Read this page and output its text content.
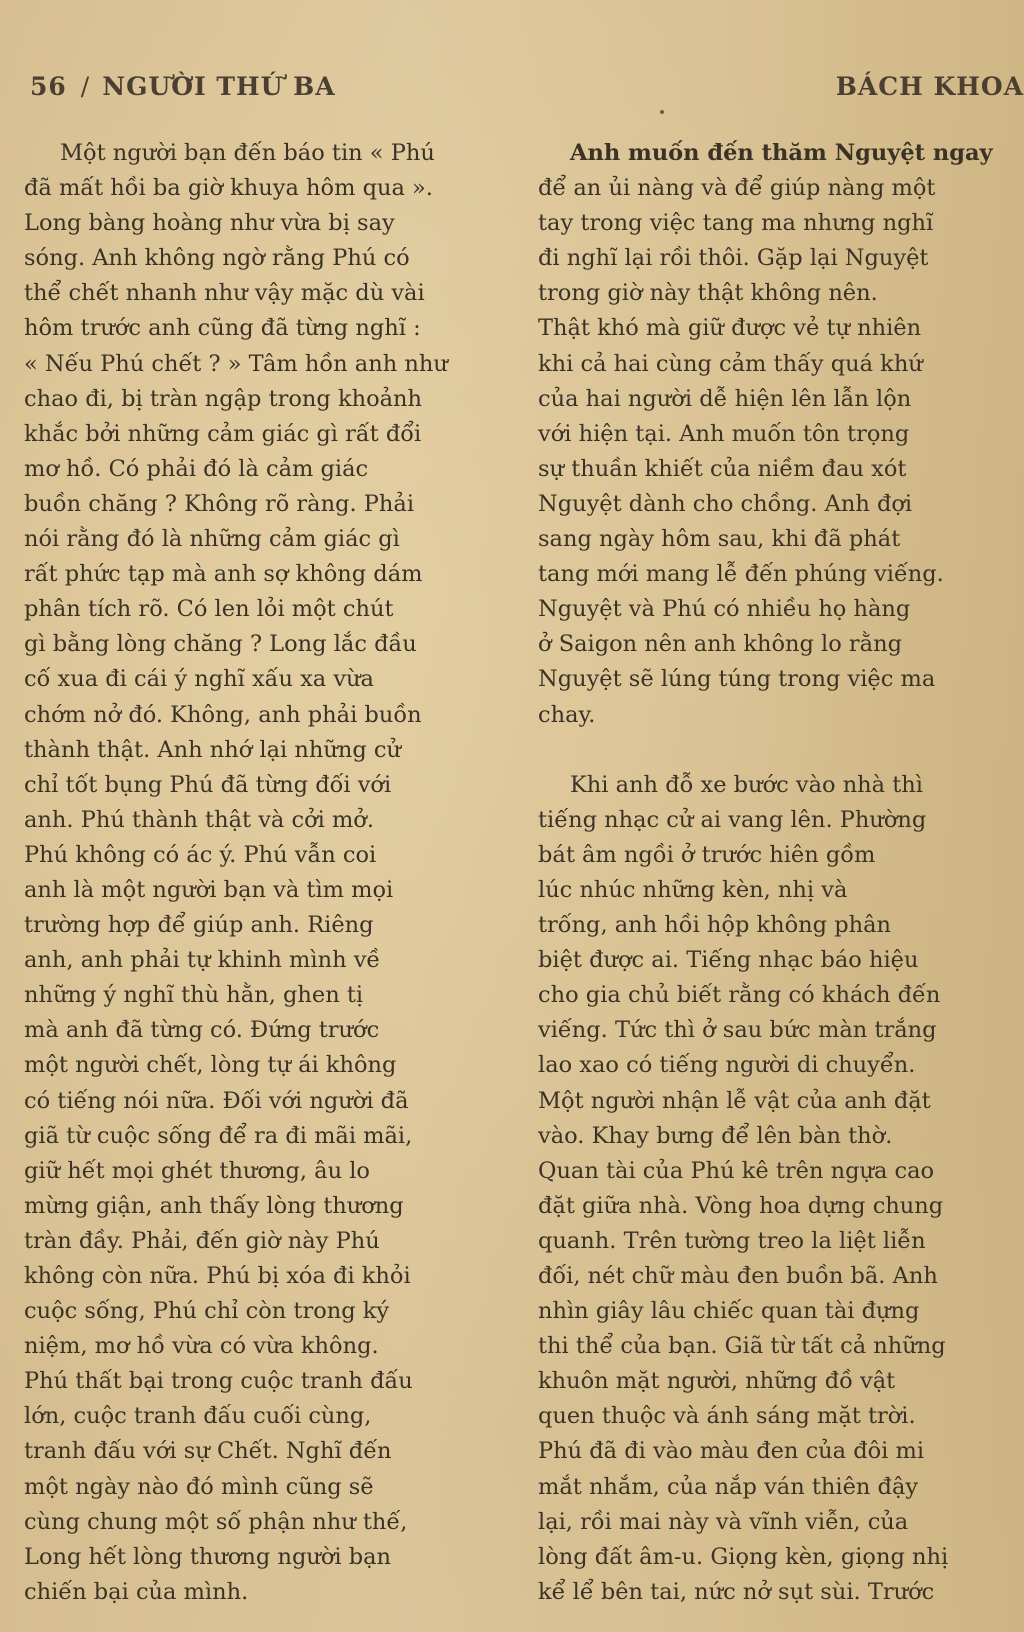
56 / NGƯỜI THỨ BA	BÁCH KHOA
Một người bạn đến báo tin « Phú
đã mất hồi ba giờ khuya hôm qua ».
Long bàng hoàng như vừa bị say
sóng. Anh không ngờ rằng Phú có
thể chết nhanh như vậy mặc dù vài
hôm trước anh cũng đã từng nghĩ :
« Nếu Phú chết ? » Tâm hồn anh như
chao đi, bị tràn ngập trong khoảnh
khắc bởi những cảm giác gì rất đổi
mơ hồ. Có phải đó là cảm giác
buồn chăng ? Không rõ ràng. Phải
nói rằng đó là những cảm giác gì
rất phức tạp mà anh sợ không dám
phân tích rõ. Có len lỏi một chút
gì bằng lòng chăng ? Long lắc đầu
cố xua đi cái ý nghĩ xấu xa vừa
chớm nở đó. Không, anh phải buồn
thành thật. Anh nhớ lại những cử
chỉ tốt bụng Phú đã từng đối với
anh. Phú thành thật và cởi mở.
Phú không có ác ý. Phú vẫn coi
anh là một người bạn và tìm mọi
trường hợp để giúp anh. Riêng
anh, anh phải tự khinh mình về
những ý nghĩ thù hằn, ghen tị
mà anh đã từng có. Đứng trước
một người chết, lòng tự ái không
có tiếng nói nữa. Đối với người đã
giã từ cuộc sống để ra đi mãi mãi,
giữ hết mọi ghét thương, âu lo
mừng giận, anh thấy lòng thương
tràn đầy. Phải, đến giờ này Phú
không còn nữa. Phú bị xóa đi khỏi
cuộc sống, Phú chỉ còn trong ký
niệm, mơ hồ vừa có vừa không.
Phú thất bại trong cuộc tranh đấu
lớn, cuộc tranh đấu cuối cùng,
tranh đấu với sự Chết. Nghĩ đến
một ngày nào đó mình cũng sẽ
cùng chung một số phận như thế,
Long hết lòng thương người bạn
chiến bại của mình.
Anh muốn đến thăm Nguyệt ngay
để an ủi nàng và để giúp nàng một
tay trong việc tang ma nhưng nghĩ
đi nghĩ lại rồi thôi. Gặp lại Nguyệt
trong giờ này thật không nên.
Thật khó mà giữ được vẻ tự nhiên
khi cả hai cùng cảm thấy quá khứ
của hai người dễ hiện lên lẫn lộn
với hiện tại. Anh muốn tôn trọng
sự thuần khiết của niềm đau xót
Nguyệt dành cho chồng. Anh đợi
sang ngày hôm sau, khi đã phát
tang mới mang lễ đến phúng viếng.
Nguyệt và Phú có nhiều họ hàng
ở Saigon nên anh không lo rằng
Nguyệt sẽ lúng túng trong việc ma
chay.
Khi anh đỗ xe bước vào nhà thì
tiếng nhạc cử ai vang lên. Phường
bát âm ngồi ở trước hiên gồm
lúc nhúc những kèn, nhị và
trống, anh hồi hộp không phân
biệt được ai. Tiếng nhạc báo hiệu
cho gia chủ biết rằng có khách đến
viếng. Tức thì ở sau bức màn trắng
lao xao có tiếng người di chuyển.
Một người nhận lễ vật của anh đặt
vào. Khay bưng để lên bàn thờ.
Quan tài của Phú kê trên ngựa cao
đặt giữa nhà. Vòng hoa dựng chung
quanh. Trên tường treo la liệt liễn
đối, nét chữ màu đen buồn bã. Anh
nhìn giây lâu chiếc quan tài đựng
thi thể của bạn. Giã từ tất cả những
khuôn mặt người, những đồ vật
quen thuộc và ánh sáng mặt trời.
Phú đã đi vào màu đen của đôi mi
mắt nhắm, của nắp ván thiên đậy
lại, rồi mai này và vĩnh viễn, của
lòng đất âm-u. Giọng kèn, giọng nhị
kể lể bên tai, nức nở sụt sùi. Trước
